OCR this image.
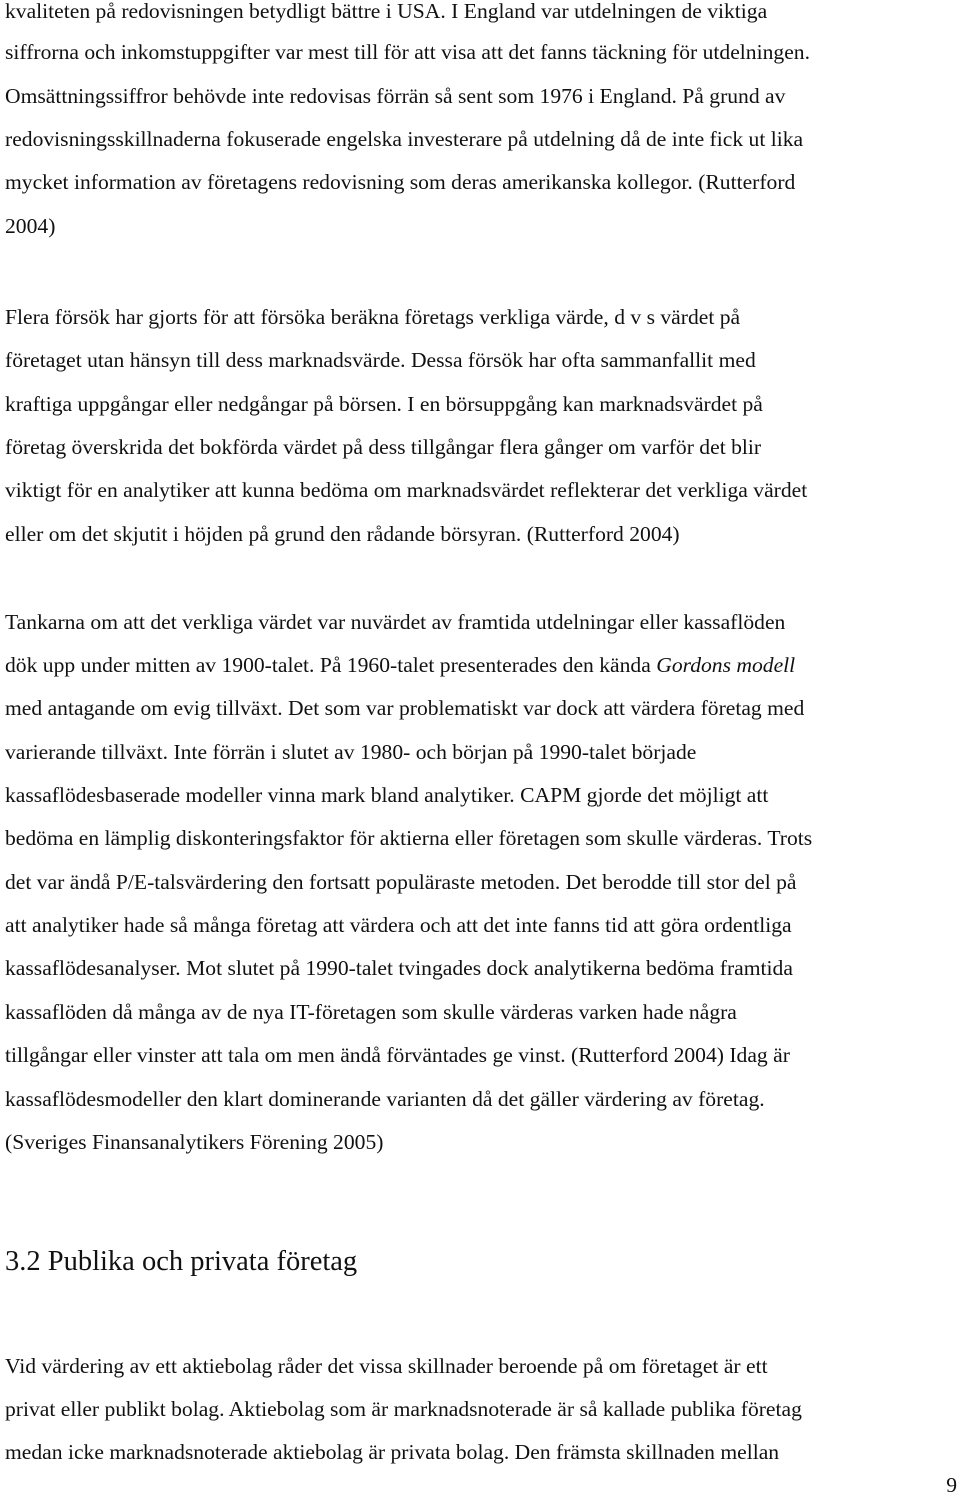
kvaliteten på redovisningen betydligt bättre i USA. I England var utdelningen de viktiga
siffrorna och inkomstuppgifter var mest till för att visa att det fanns täckning för utdelningen.
Omsättningssiffror behövde inte redovisas förrän så sent som 1976 i England. På grund av
redovisningsskillnaderna fokuserade engelska investerare på utdelning då de inte fick ut lika
mycket information av företagens redovisning som deras amerikanska kollegor. (Rutterford
2004)
Flera försök har gjorts för att försöka beräkna företags verkliga värde, d v s värdet på
företaget utan hänsyn till dess marknadsvärde. Dessa försök har ofta sammanfallit med
kraftiga uppgångar eller nedgångar på börsen. I en börsuppgång kan marknadsvärdet på
företag överskrida det bokförda värdet på dess tillgångar flera gånger om varför det blir
viktigt för en analytiker att kunna bedöma om marknadsvärdet reflekterar det verkliga värdet
eller om det skjutit i höjden på grund den rådande börsyran. (Rutterford 2004)
Tankarna om att det verkliga värdet var nuvärdet av framtida utdelningar eller kassaflöden
dök upp under mitten av 1900-talet. På 1960-talet presenterades den kända Gordons modell
med antagande om evig tillväxt. Det som var problematiskt var dock att värdera företag med
varierande tillväxt. Inte förrän i slutet av 1980- och början på 1990-talet började
kassaflödesbaserade modeller vinna mark bland analytiker. CAPM gjorde det möjligt att
bedöma en lämplig diskonteringsfaktor för aktierna eller företagen som skulle värderas. Trots
det var ändå P/E-talsvärdering den fortsatt populäraste metoden. Det berodde till stor del på
att analytiker hade så många företag att värdera och att det inte fanns tid att göra ordentliga
kassaflödesanalyser. Mot slutet på 1990-talet tvingades dock analytikerna bedöma framtida
kassaflöden då många av de nya IT-företagen som skulle värderas varken hade några
tillgångar eller vinster att tala om men ändå förväntades ge vinst. (Rutterford 2004) Idag är
kassaflödesmodeller den klart dominerande varianten då det gäller värdering av företag.
(Sveriges Finansanalytikers Förening 2005)
3.2 Publika och privata företag
Vid värdering av ett aktiebolag råder det vissa skillnader beroende på om företaget är ett
privat eller publikt bolag. Aktiebolag som är marknadsnoterade är så kallade publika företag
medan icke marknadsnoterade aktiebolag är privata bolag. Den främsta skillnaden mellan
9
